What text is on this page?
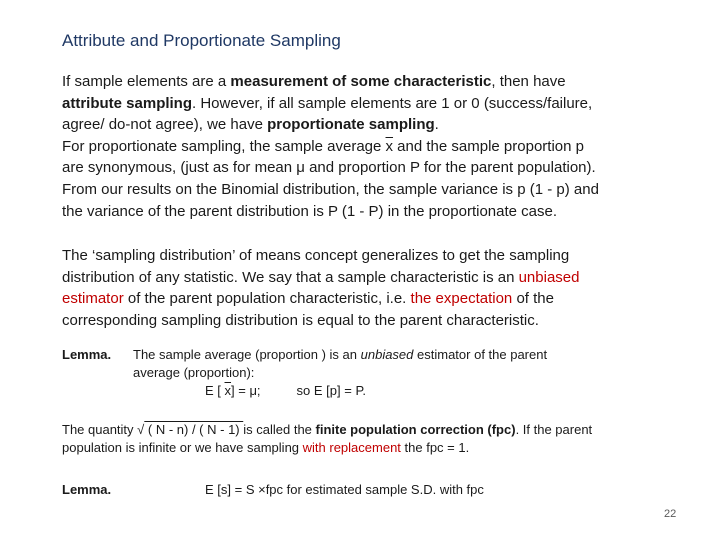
Attribute and Proportionate Sampling
If sample elements are a measurement of some characteristic, then have
attribute sampling. However, if all sample elements are 1 or 0 (success/failure,
agree/ do-not agree), we have proportionate sampling.
For proportionate sampling, the sample average $\overline{x}$ and the sample proportion p
are synonymous, (just as for mean μ and proportion P for the parent population).
From our results on the Binomial distribution, the sample variance is p (1 - p) and
the variance of the parent distribution is P (1 - P) in the proportionate case.
The ‘sampling distribution’ of means concept generalizes to get the sampling
distribution of any statistic. We say that a sample characteristic is an unbiased
estimator of the parent population characteristic, i.e. the expectation of the
corresponding sampling distribution is equal to the parent characteristic.
Lemma. The sample average (proportion ) is an unbiased estimator of the parent
average (proportion):
E [ $\overline{x}] = \mu$;	so E [p] = P.
The quantity √ ( N - n) / ( N - 1) is called the finite population correction (fpc). If the parent
population is infinite or we have sampling with replacement the fpc = 1.
Lemma.	E [s] = S ×fpc for estimated sample S.D. with fpc
22
